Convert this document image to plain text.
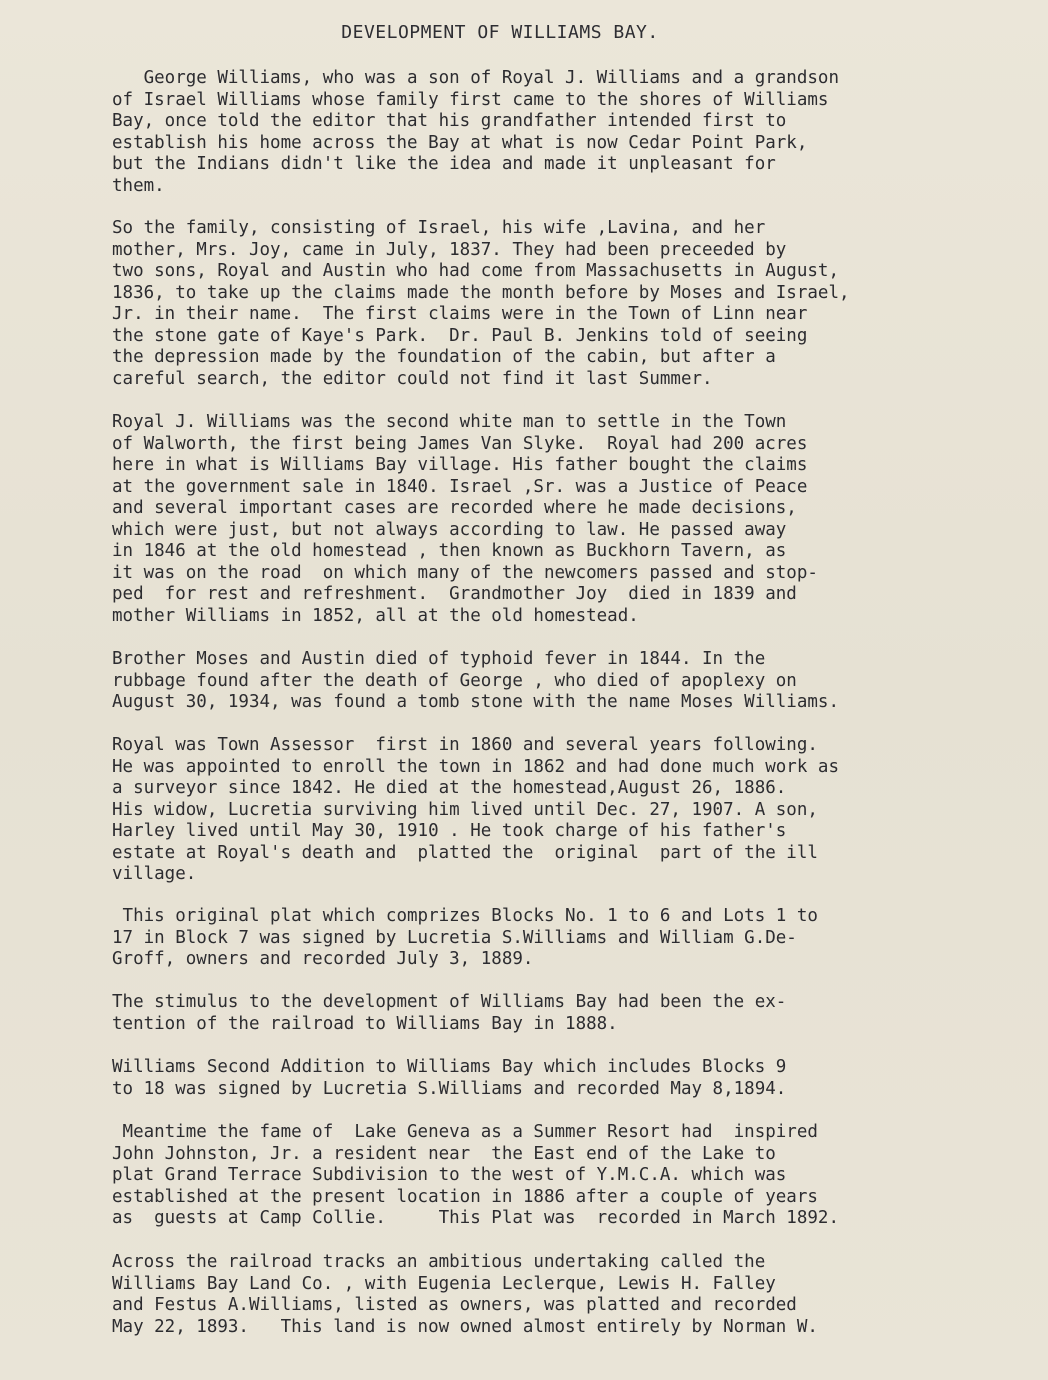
DEVELOPMENT OF WILLIAMS BAY.
George Williams, who was a son of Royal J. Williams and a grandson
of Israel Williams whose family first came to the shores of Williams
Bay, once told the editor that his grandfather intended first to
establish his home across the Bay at what is now Cedar Point Park,
but the Indians didn't like the idea and made it unpleasant for
them.
So the family, consisting of Israel, his wife ,Lavina, and her
mother, Mrs. Joy, came in July, 1837. They had been preceeded by
two sons, Royal and Austin who had come from Massachusetts in August,
1836, to take up the claims made the month before by Moses and Israel,
Jr. in their name.  The first claims were in the Town of Linn near
the stone gate of Kaye's Park.  Dr. Paul B. Jenkins told of seeing
the depression made by the foundation of the cabin, but after a
careful search, the editor could not find it last Summer.
Royal J. Williams was the second white man to settle in the Town
of Walworth, the first being James Van Slyke.  Royal had 200 acres
here in what is Williams Bay village. His father bought the claims
at the government sale in 1840. Israel ,Sr. was a Justice of Peace
and several important cases are recorded where he made decisions,
which were just, but not always according to law. He passed away
in 1846 at the old homestead , then known as Buckhorn Tavern, as
it was on the road  on which many of the newcomers passed and stop-
ped  for rest and refreshment.  Grandmother Joy  died in 1839 and
mother Williams in 1852, all at the old homestead.
Brother Moses and Austin died of typhoid fever in 1844. In the
rubbage found after the death of George , who died of apoplexy on
August 30, 1934, was found a tomb stone with the name Moses Williams.
Royal was Town Assessor  first in 1860 and several years following.
He was appointed to enroll the town in 1862 and had done much work as
a surveyor since 1842. He died at the homestead,August 26, 1886.
His widow, Lucretia surviving him lived until Dec. 27, 1907. A son,
Harley lived until May 30, 1910 . He took charge of his father's
estate at Royal's death and  platted the  original  part of the ill
village.
This original plat which comprizes Blocks No. 1 to 6 and Lots 1 to
17 in Block 7 was signed by Lucretia S.Williams and William G.De-
Groff, owners and recorded July 3, 1889.
The stimulus to the development of Williams Bay had been the ex-
tention of the railroad to Williams Bay in 1888.
Williams Second Addition to Williams Bay which includes Blocks 9
to 18 was signed by Lucretia S.Williams and recorded May 8,1894.
Meantime the fame of  Lake Geneva as a Summer Resort had  inspired
John Johnston, Jr. a resident near  the East end of the Lake to
plat Grand Terrace Subdivision to the west of Y.M.C.A. which was
established at the present location in 1886 after a couple of years
as  guests at Camp Collie.     This Plat was  recorded in March 1892.
Across the railroad tracks an ambitious undertaking called the
Williams Bay Land Co. , with Eugenia Leclerque, Lewis H. Falley
and Festus A.Williams, listed as owners, was platted and recorded
May 22, 1893.   This land is now owned almost entirely by Norman W.
